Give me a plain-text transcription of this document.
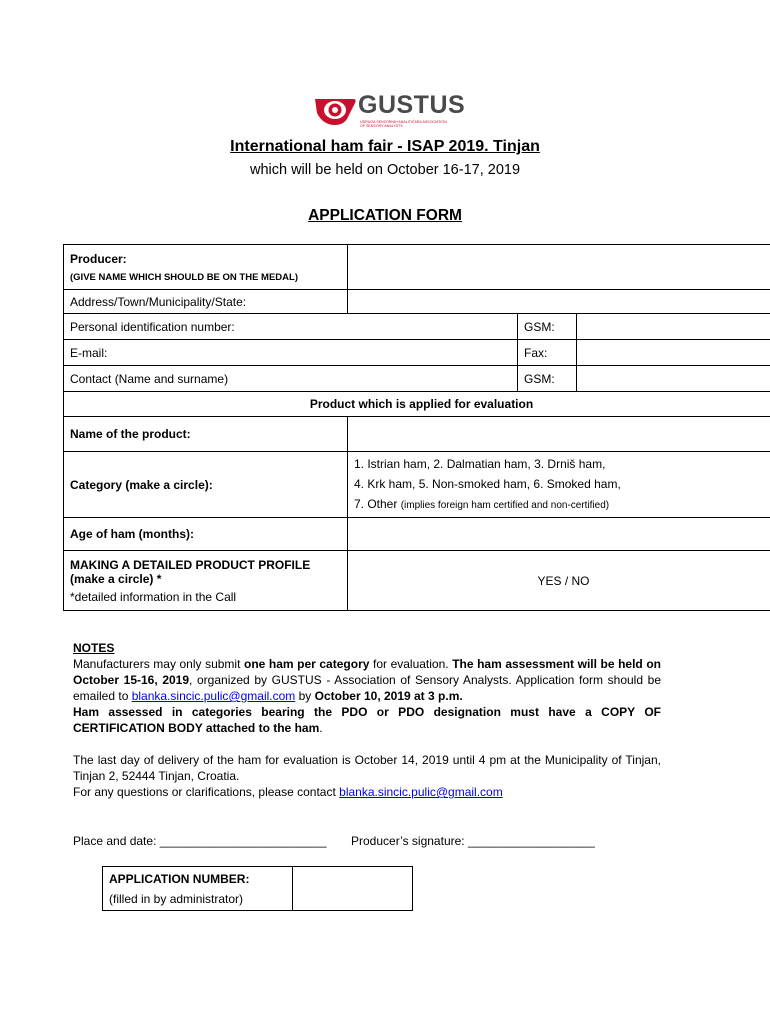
GUSTUS
UDRUGA SENZORNIH ANALITIČARA ASSOCIATION OF SENSORY ANALYSTS
International ham fair - ISAP 2019. Tinjan
which will be held on October 16-17, 2019
APPLICATION FORM
Producer:
(GIVE NAME WHICH SHOULD BE ON THE MEDAL)			

Address/Town/Municipality/State:			
Personal identification number:		GSM:	
E-mail:		Fax:	
Contact (Name and surname)		GSM:	
Product which is applied for evaluation			
Name of the product:			
Category (make a circle):	1. Istrian ham, 2. Dalmatian ham, 3. Drniš ham,
4. Krk ham, 5. Non-smoked ham, 6. Smoked ham,
7. Other (implies foreign ham certified and non-certified)		

Age of ham (months):			

MAKING A DETAILED PRODUCT PROFILE
(make a circle) *
*detailed information in the Call	YES / NO		

NOTES

Manufacturers may only submit one ham per category for evaluation. The ham assessment will be held on October 15-16, 2019, organized by GUSTUS - Association of Sensory Analysts. Application form should be emailed to blanka.sincic.pulic@gmail.com by October 10, 2019 at 3 p.m.

Ham assessed in categories bearing the PDO or PDO designation must have a COPY OF CERTIFICATION BODY attached to the ham.

The last day of delivery of the ham for evaluation is October 14, 2019 until 4 pm at the Municipality of Tinjan, Tinjan 2, 52444 Tinjan, Croatia.

For any questions or clarifications, please contact blanka.sincic.pulic@gmail.com

Place and date: _________________________ Producer’s signature: ___________________
APPLICATION NUMBER:
(filled in by administrator)
